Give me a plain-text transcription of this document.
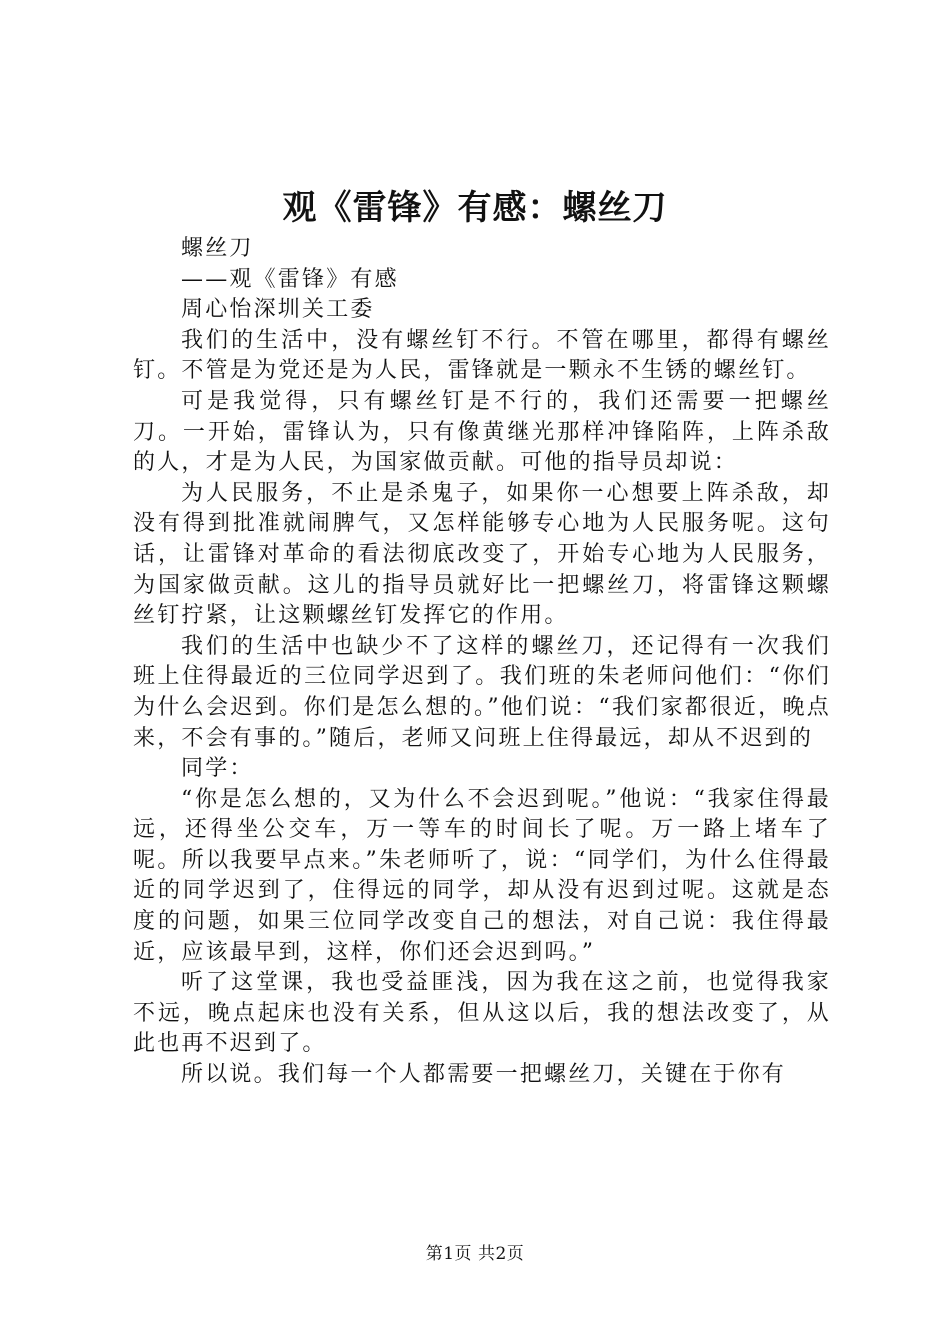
观《雷锋》有感：螺丝刀

螺丝刀

——观《雷锋》有感

周心怡深圳关工委

我们的生活中，没有螺丝钉不行。不管在哪里，都得有螺丝钉。不管是为党还是为人民，雷锋就是一颗永不生锈的螺丝钉。

可是我觉得，只有螺丝钉是不行的，我们还需要一把螺丝刀。一开始，雷锋认为，只有像黄继光那样冲锋陷阵，上阵杀敌的人，才是为人民，为国家做贡献。可他的指导员却说：

为人民服务，不止是杀鬼子，如果你一心想要上阵杀敌，却没有得到批准就闹脾气，又怎样能够专心地为人民服务呢。这句话，让雷锋对革命的看法彻底改变了，开始专心地为人民服务，为国家做贡献。这儿的指导员就好比一把螺丝刀，将雷锋这颗螺丝钉拧紧，让这颗螺丝钉发挥它的作用。

我们的生活中也缺少不了这样的螺丝刀，还记得有一次我们班上住得最近的三位同学迟到了。我们班的朱老师问他们：“你们为什么会迟到。你们是怎么想的。”他们说：“我们家都很近，晚点来，不会有事的。”随后，老师又问班上住得最远，却从不迟到的

同学：

“你是怎么想的，又为什么不会迟到呢。”他说：“我家住得最远，还得坐公交车，万一等车的时间长了呢。万一路上堵车了呢。所以我要早点来。”朱老师听了，说：“同学们，为什么住得最近的同学迟到了，住得远的同学，却从没有迟到过呢。这就是态度的问题，如果三位同学改变自己的想法，对自己说：我住得最近，应该最早到，这样，你们还会迟到吗。”

听了这堂课，我也受益匪浅，因为我在这之前，也觉得我家不远，晚点起床也没有关系，但从这以后，我的想法改变了，从此也再不迟到了。

所以说。我们每一个人都需要一把螺丝刀，关键在于你有

第1页 共2页
